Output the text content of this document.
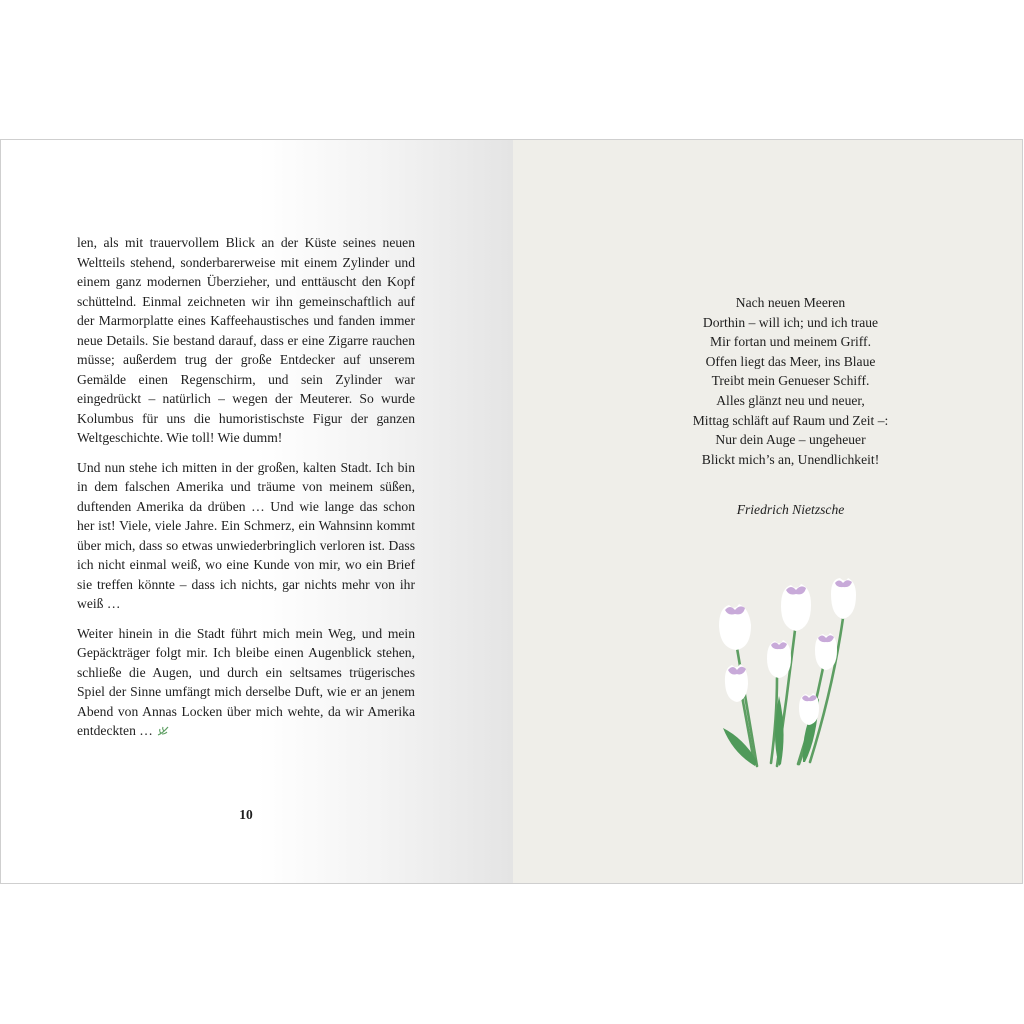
len, als mit trauervollem Blick an der Küste seines neuen Weltteils stehend, sonderbarerweise mit einem Zylinder und einem ganz modernen Überzieher, und enttäuscht den Kopf schüttelnd. Einmal zeichneten wir ihn gemeinschaftlich auf der Marmorplatte eines Kaffeehaustisches und fanden immer neue Details. Sie bestand darauf, dass er eine Zigarre rauchen müsse; außerdem trug der große Entdecker auf unserem Gemälde einen Regenschirm, und sein Zylinder war eingedrückt – natürlich – wegen der Meuterer. So wurde Kolumbus für uns die humoristischste Figur der ganzen Weltgeschichte. Wie toll! Wie dumm!

Und nun stehe ich mitten in der großen, kalten Stadt. Ich bin in dem falschen Amerika und träume von meinem süßen, duftenden Amerika da drüben … Und wie lange das schon her ist! Viele, viele Jahre. Ein Schmerz, ein Wahnsinn kommt über mich, dass so etwas unwiederbringlich verloren ist. Dass ich nicht einmal weiß, wo eine Kunde von mir, wo ein Brief sie treffen könnte – dass ich nichts, gar nichts mehr von ihr weiß …

Weiter hinein in die Stadt führt mich mein Weg, und mein Gepäckträger folgt mir. Ich bleibe einen Augenblick stehen, schließe die Augen, und durch ein seltsames trügerisches Spiel der Sinne umfängt mich derselbe Duft, wie er an jenem Abend von Annas Locken über mich wehte, da wir Amerika entdeckten …

10
Nach neuen Meeren
Dorthin – will ich; und ich traue
Mir fortan und meinem Griff.
Offen liegt das Meer, ins Blaue
Treibt mein Genueser Schiff.
Alles glänzt neu und neuer,
Mittag schläft auf Raum und Zeit –:
Nur dein Auge – ungeheuer
Blickt mich’s an, Unendlichkeit!
Friedrich Nietzsche
